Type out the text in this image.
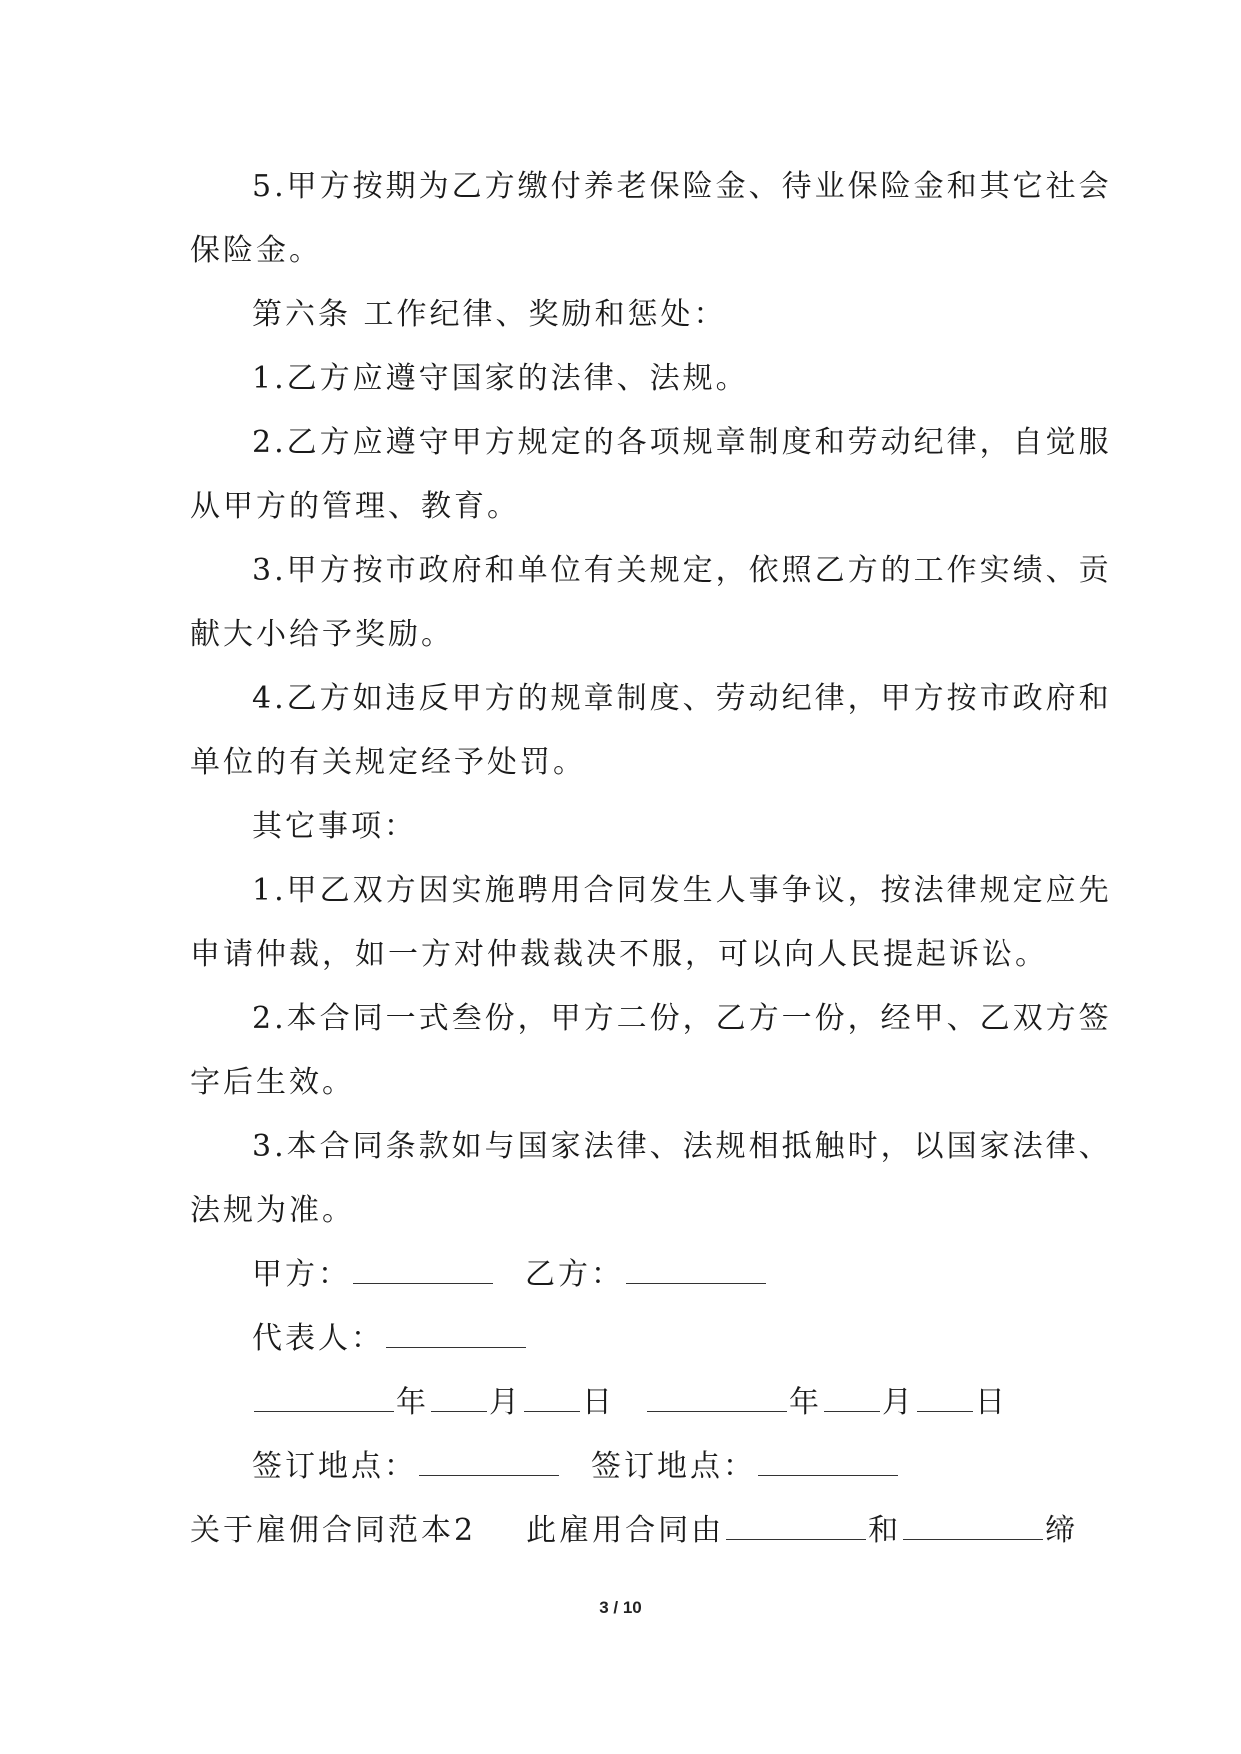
5.甲方按期为乙方缴付养老保险金、待业保险金和其它社会
保险金。
第六条 工作纪律、奖励和惩处：
1.乙方应遵守国家的法律、法规。
2.乙方应遵守甲方规定的各项规章制度和劳动纪律，自觉服
从甲方的管理、教育。
3.甲方按市政府和单位有关规定，依照乙方的工作实绩、贡
献大小给予奖励。
4.乙方如违反甲方的规章制度、劳动纪律，甲方按市政府和
单位的有关规定经予处罚。
其它事项：
1.甲乙双方因实施聘用合同发生人事争议，按法律规定应先
申请仲裁，如一方对仲裁裁决不服，可以向人民提起诉讼。
2.本合同一式叁份，甲方二份，乙方一份，经甲、乙双方签
字后生效。
3.本合同条款如与国家法律、法规相抵触时，以国家法律、
法规为准。
甲方：	乙方：
代表人：
年 月 日	年 月 日
签订地点：	签订地点：
关于雇佣合同范本2 此雇用合同由	和	缔
3 / 10
